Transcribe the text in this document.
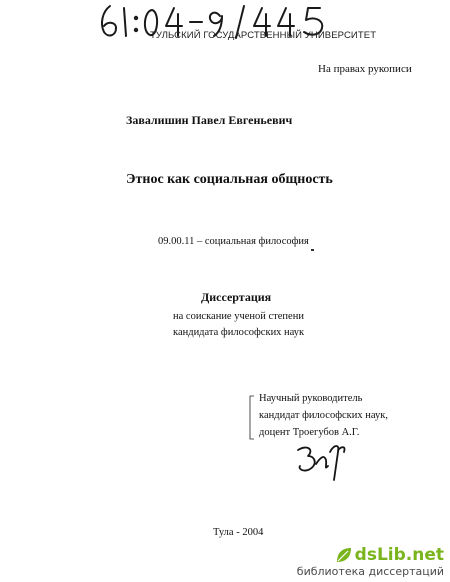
ТУЛЬСКИЙ ГОСУДАРСТВЕННЫЙ УНИВЕРСИТЕТ
На правах рукописи
Завалишин Павел Евгеньевич
Этнос как социальная общность
09.00.11 – социальная философия
Диссертация
на соискание ученой степени
кандидата философских наук
Научный руководитель
кандидат философских наук,
доцент Троегубов А.Г.
Тула - 2004
dsLib.net
библиотека диссертаций
